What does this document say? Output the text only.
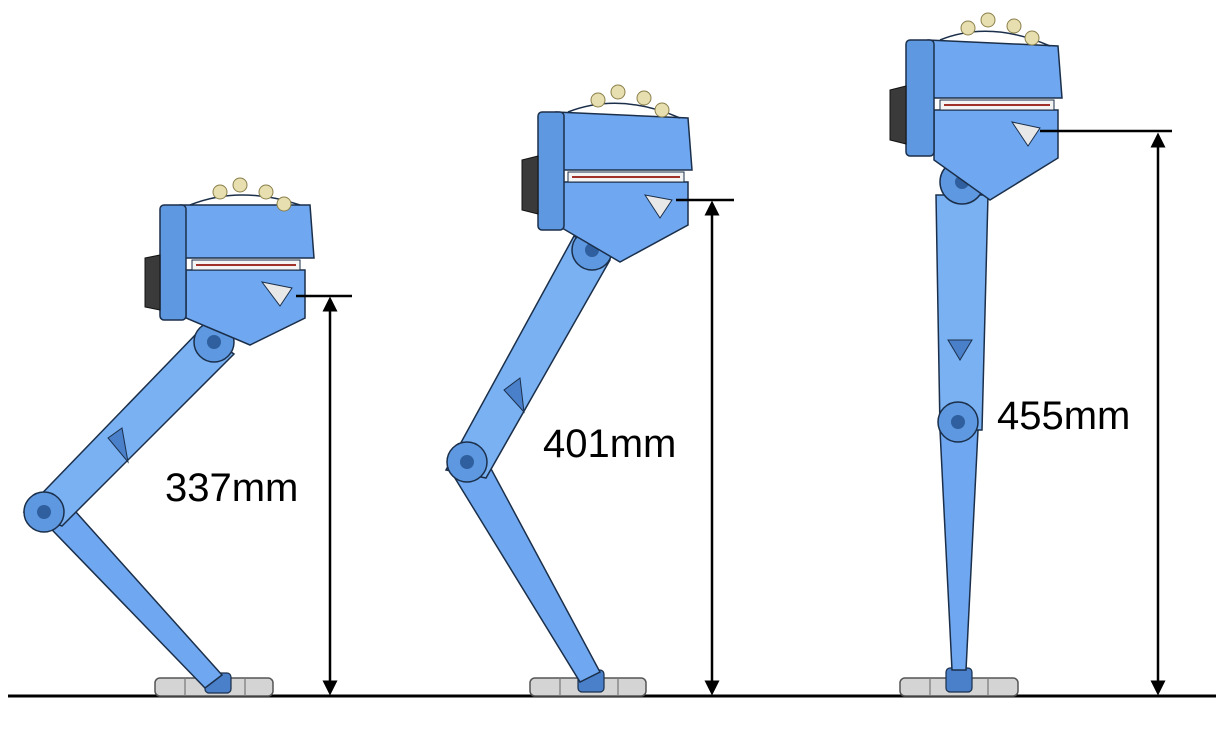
337mm
401mm
455mm
